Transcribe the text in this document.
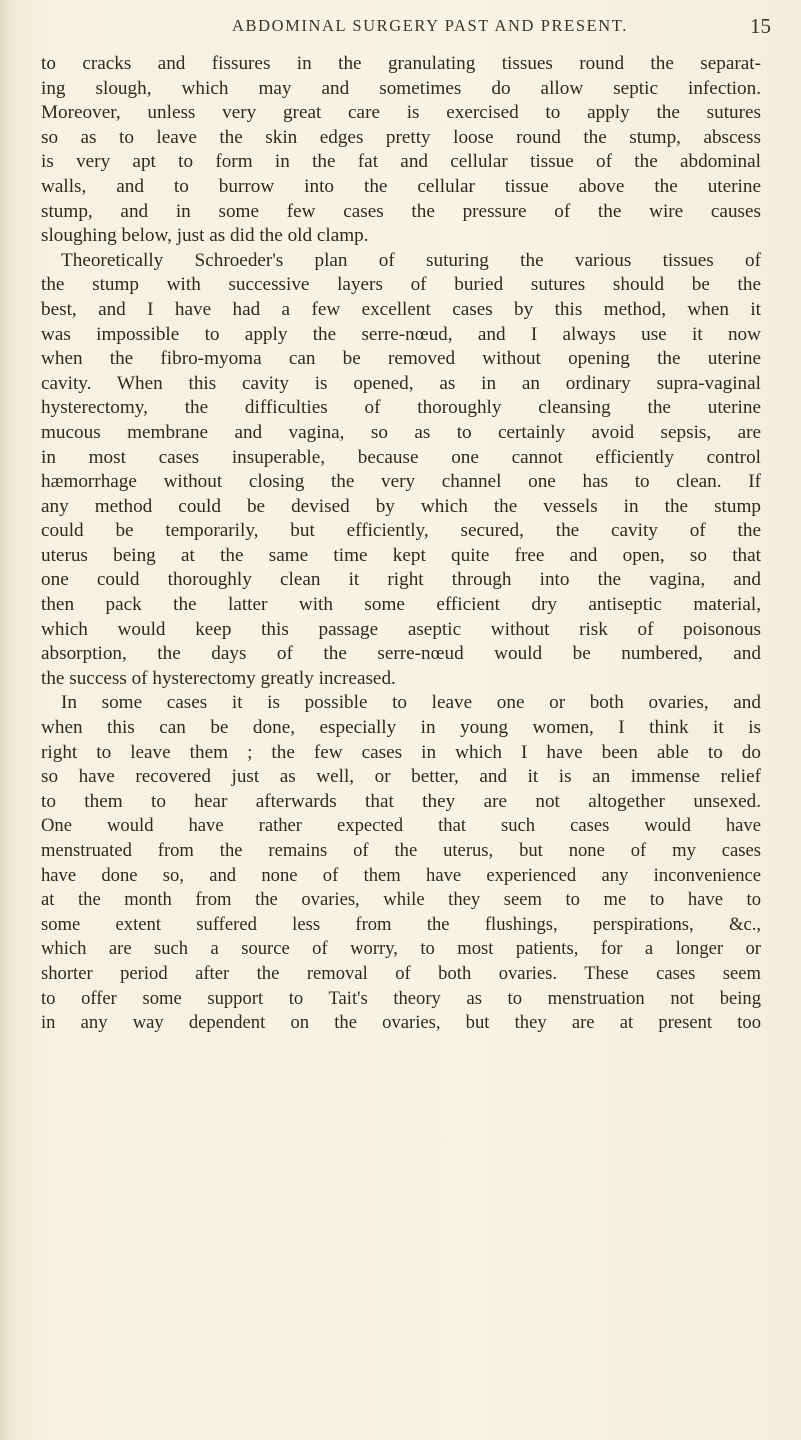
ABDOMINAL SURGERY PAST AND PRESENT.	15
to cracks and fissures in the granulating tissues round the separat-
ing slough, which may and sometimes do allow septic infection.
Moreover, unless very great care is exercised to apply the sutures
so as to leave the skin edges pretty loose round the stump, abscess
is very apt to form in the fat and cellular tissue of the abdominal
walls, and to burrow into the cellular tissue above the uterine
stump, and in some few cases the pressure of the wire causes
sloughing below, just as did the old clamp.
Theoretically Schroeder's plan of suturing the various tissues of
the stump with successive layers of buried sutures should be the
best, and I have had a few excellent cases by this method, when it
was impossible to apply the serre-nœud, and I always use it now
when the fibro-myoma can be removed without opening the uterine
cavity. When this cavity is opened, as in an ordinary supra-vaginal
hysterectomy, the difficulties of thoroughly cleansing the uterine
mucous membrane and vagina, so as to certainly avoid sepsis, are
in most cases insuperable, because one cannot efficiently control
hæmorrhage without closing the very channel one has to clean. If
any method could be devised by which the vessels in the stump
could be temporarily, but efficiently, secured, the cavity of the
uterus being at the same time kept quite free and open, so that
one could thoroughly clean it right through into the vagina, and
then pack the latter with some efficient dry antiseptic material,
which would keep this passage aseptic without risk of poisonous
absorption, the days of the serre-nœud would be numbered, and
the success of hysterectomy greatly increased.
In some cases it is possible to leave one or both ovaries, and
when this can be done, especially in young women, I think it is
right to leave them ; the few cases in which I have been able to do
so have recovered just as well, or better, and it is an immense relief
to them to hear afterwards that they are not altogether unsexed.
One would have rather expected that such cases would have
menstruated from the remains of the uterus, but none of my cases
have done so, and none of them have experienced any inconvenience
at the month from the ovaries, while they seem to me to have to
some extent suffered less from the flushings, perspirations, &c.,
which are such a source of worry, to most patients, for a longer or
shorter period after the removal of both ovaries. These cases seem
to offer some support to Tait's theory as to menstruation not being
in any way dependent on the ovaries, but they are at present too
